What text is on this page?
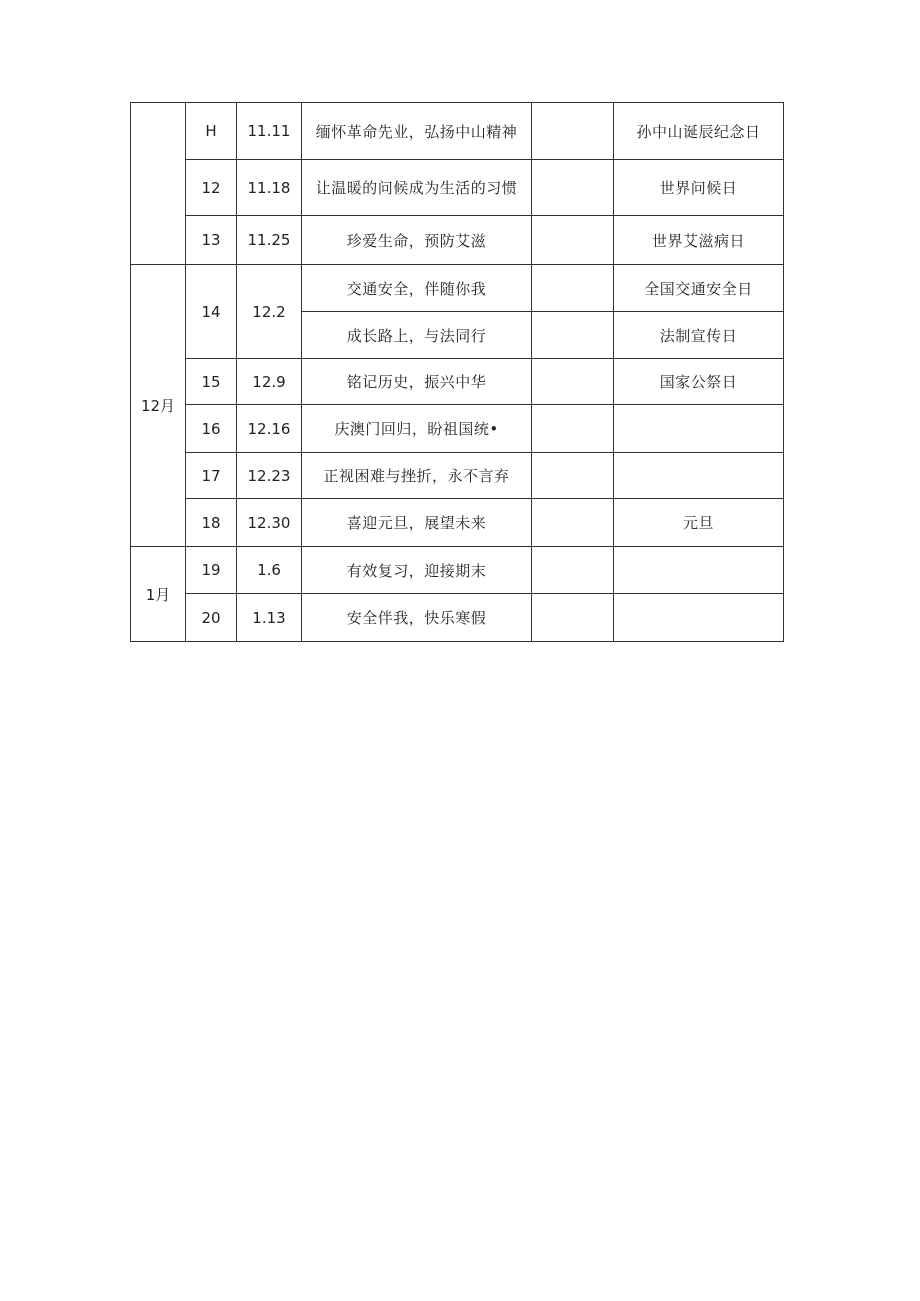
	H	11.11	缅怀革命先业，弘扬中山精神		孙中山诞辰纪念日
	12	11.18	让温暖的问候成为生活的习惯		世界问候日
	13	11.25	珍爱生命，预防艾滋		世界艾滋病日
12月	14	12.2	交通安全，伴随你我		全国交通安全日
			成长路上，与法同行		法制宣传日
	15	12.9	铭记历史，振兴中华		国家公祭日
	16	12.16	庆澳门回归，盼祖国统•		
	17	12.23	正视困难与挫折，永不言弃		
	18	12.30	喜迎元旦，展望未来		元旦
1月	19	1.6	有效复习，迎接期末		
	20	1.13	安全伴我，快乐寒假		
